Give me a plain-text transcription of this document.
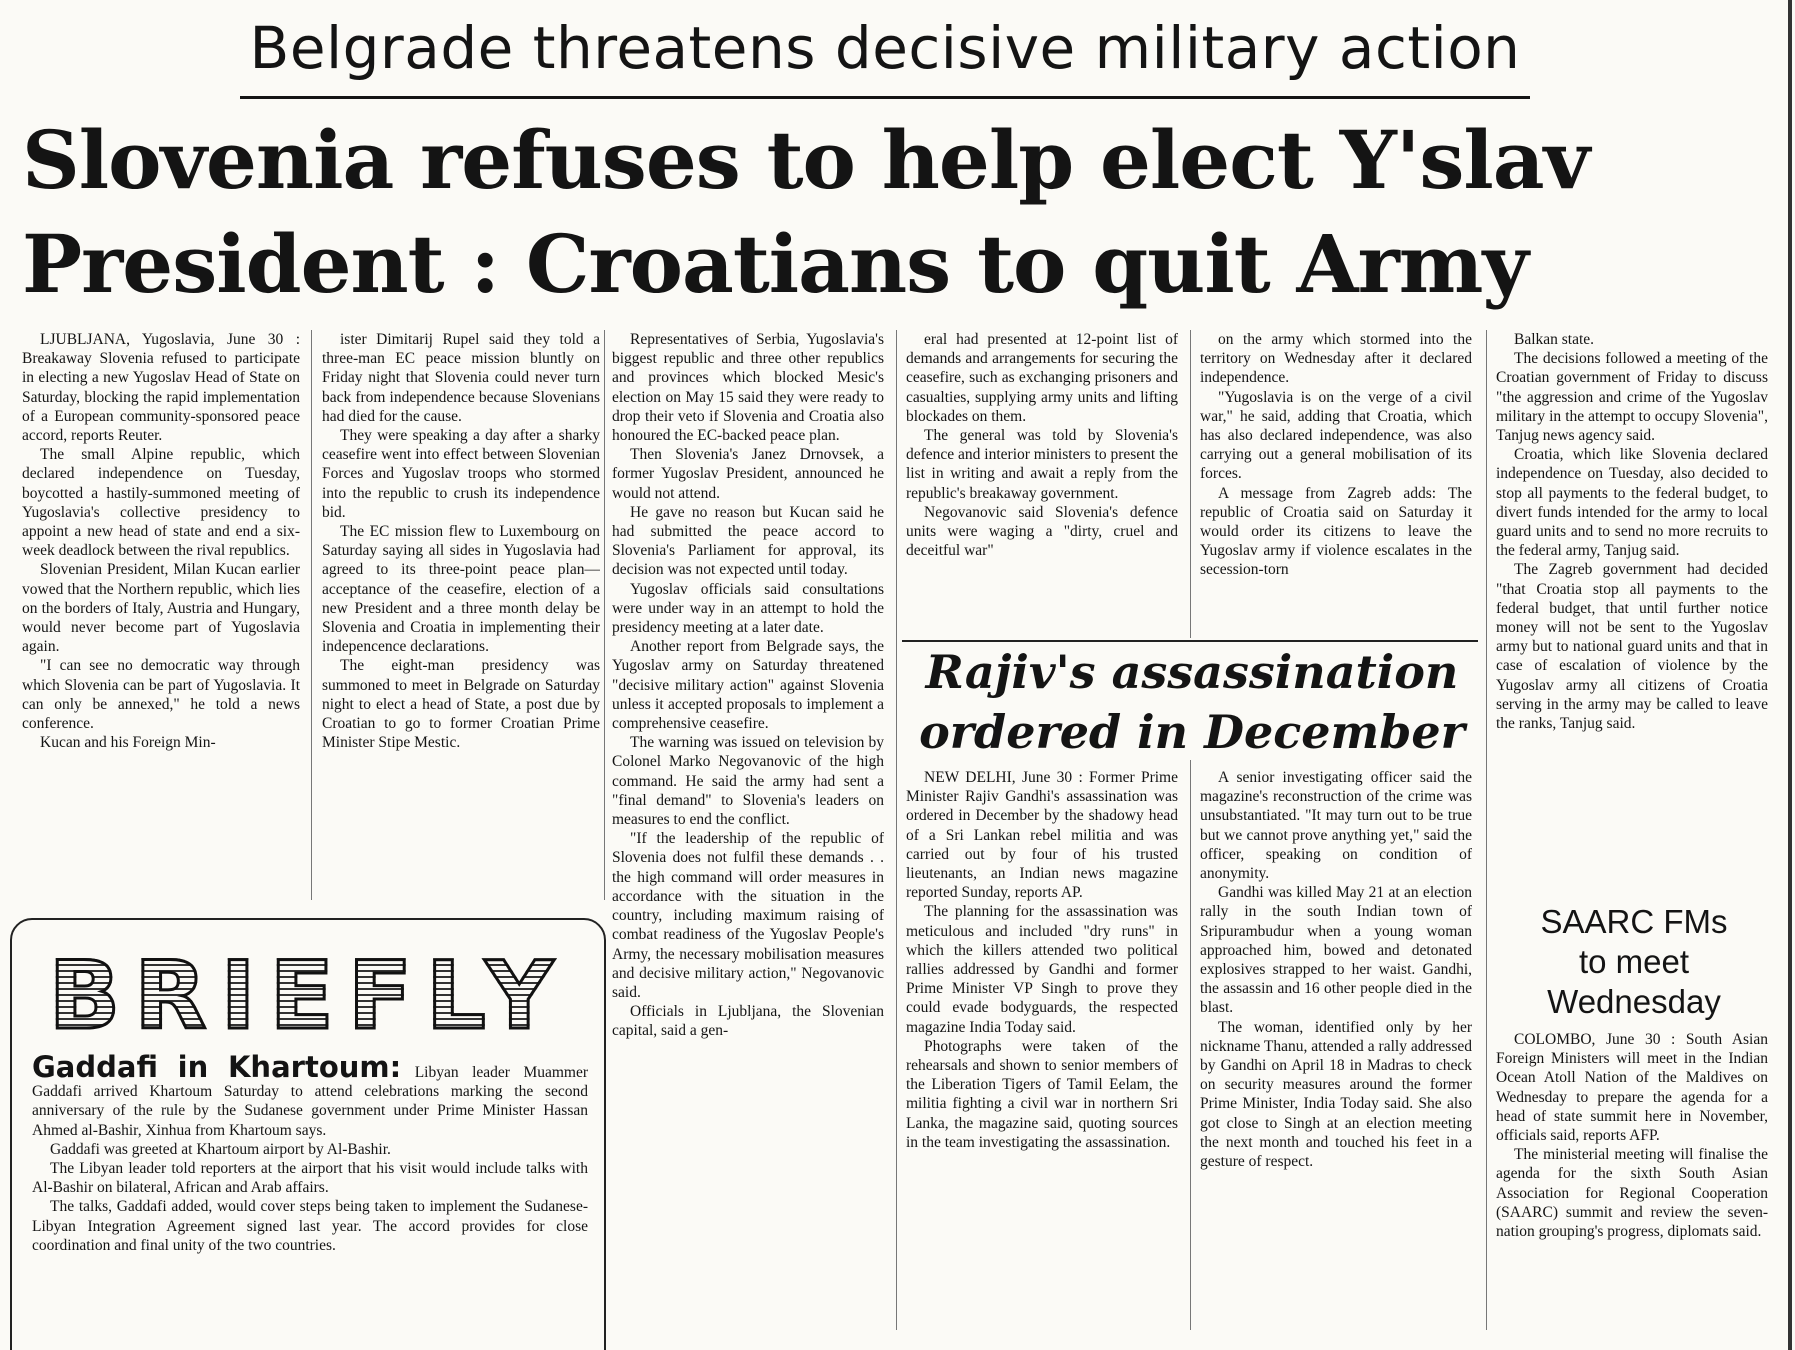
Belgrade threatens decisive military action
Slovenia refuses to help elect Y'slav
President : Croatians to quit Army

LJUBLJANA, Yugoslavia, June 30 : Breakaway Slovenia refused to participate in electing a new Yugoslav Head of State on Saturday, blocking the rapid implementation of a European community-sponsored peace accord, reports Reuter.

The small Alpine republic, which declared independence on Tuesday, boycotted a hastily-summoned meeting of Yugoslavia's collective presidency to appoint a new head of state and end a six-week deadlock between the rival republics.

Slovenian President, Milan Kucan earlier vowed that the Northern republic, which lies on the borders of Italy, Austria and Hungary, would never become part of Yugoslavia again.

"I can see no democratic way through which Slovenia can be part of Yugoslavia. It can only be annexed," he told a news conference.

Kucan and his Foreign Min-

ister Dimitarij Rupel said they told a three-man EC peace mission bluntly on Friday night that Slovenia could never turn back from independence because Slovenians had died for the cause.

They were speaking a day after a sharky ceasefire went into effect between Slovenian Forces and Yugoslav troops who stormed into the republic to crush its independence bid.

The EC mission flew to Luxembourg on Saturday saying all sides in Yugoslavia had agreed to its three-point peace plan— acceptance of the ceasefire, election of a new President and a three month delay be Slovenia and Croatia in implementing their indepencence declarations.

The eight-man presidency was summoned to meet in Belgrade on Saturday night to elect a head of State, a post due by Croatian to go to former Croatian Prime Minister Stipe Mestic.

Representatives of Serbia, Yugoslavia's biggest republic and three other republics and provinces which blocked Mesic's election on May 15 said they were ready to drop their veto if Slovenia and Croatia also honoured the EC-backed peace plan.

Then Slovenia's Janez Drnovsek, a former Yugoslav President, announced he would not attend.

He gave no reason but Kucan said he had submitted the peace accord to Slovenia's Parliament for approval, its decision was not expected until today.

Yugoslav officials said consultations were under way in an attempt to hold the presidency meeting at a later date.

Another report from Belgrade says, the Yugoslav army on Saturday threatened "decisive military action" against Slovenia unless it accepted proposals to implement a comprehensive ceasefire.

The warning was issued on television by Colonel Marko Negovanovic of the high command. He said the army had sent a "final demand" to Slovenia's leaders on measures to end the conflict.

"If the leadership of the republic of Slovenia does not fulfil these demands . . the high command will order measures in accordance with the situation in the country, including maximum raising of combat readiness of the Yugoslav People's Army, the necessary mobilisation measures and decisive military action," Negovanovic said.

Officials in Ljubljana, the Slovenian capital, said a gen-

eral had presented at 12-point list of demands and arrangements for securing the ceasefire, such as exchanging prisoners and casualties, supplying army units and lifting blockades on them.

The general was told by Slovenia's defence and interior ministers to present the list in writing and await a reply from the republic's breakaway government.

Negovanovic said Slovenia's defence units were waging a "dirty, cruel and deceitful war"

on the army which stormed into the territory on Wednesday after it declared independence.

"Yugoslavia is on the verge of a civil war," he said, adding that Croatia, which has also declared independence, was also carrying out a general mobilisation of its forces.

A message from Zagreb adds: The republic of Croatia said on Saturday it would order its citizens to leave the Yugoslav army if violence escalates in the secession-torn

Balkan state.

The decisions followed a meeting of the Croatian government of Friday to discuss "the aggression and crime of the Yugoslav military in the attempt to occupy Slovenia", Tanjug news agency said.

Croatia, which like Slovenia declared independence on Tuesday, also decided to stop all payments to the federal budget, to divert funds intended for the army to local guard units and to send no more recruits to the federal army, Tanjug said.

The Zagreb government had decided "that Croatia stop all payments to the federal budget, that until further notice money will not be sent to the Yugoslav army but to national guard units and that in case of escalation of violence by the Yugoslav army all citizens of Croatia serving in the army may be called to leave the ranks, Tanjug said.

Rajiv's assassination
ordered in December

NEW DELHI, June 30 : Former Prime Minister Rajiv Gandhi's assassination was ordered in December by the shadowy head of a Sri Lankan rebel militia and was carried out by four of his trusted lieutenants, an Indian news magazine reported Sunday, reports AP.

The planning for the assassination was meticulous and included "dry runs" in which the killers attended two political rallies addressed by Gandhi and former Prime Minister VP Singh to prove they could evade bodyguards, the respected magazine India Today said.

Photographs were taken of the rehearsals and shown to senior members of the Liberation Tigers of Tamil Eelam, the militia fighting a civil war in northern Sri Lanka, the magazine said, quoting sources in the team investigating the assassination.

A senior investigating officer said the magazine's reconstruction of the crime was unsubstantiated. "It may turn out to be true but we cannot prove anything yet," said the officer, speaking on condition of anonymity.

Gandhi was killed May 21 at an election rally in the south Indian town of Sripurambudur when a young woman approached him, bowed and detonated explosives strapped to her waist. Gandhi, the assassin and 16 other people died in the blast.

The woman, identified only by her nickname Thanu, attended a rally addressed by Gandhi on April 18 in Madras to check on security measures around the former Prime Minister, India Today said. She also got close to Singh at an election meeting the next month and touched his feet in a gesture of respect.

BRIEFLY

Gaddafi in Khartoum: Libyan leader Muammer Gaddafi arrived Khartoum Saturday to attend celebrations marking the second anniversary of the rule by the Sudanese government under Prime Minister Hassan Ahmed al-Bashir, Xinhua from Khartoum says.

Gaddafi was greeted at Khartoum airport by Al-Bashir.

The Libyan leader told reporters at the airport that his visit would include talks with Al-Bashir on bilateral, African and Arab affairs.

The talks, Gaddafi added, would cover steps being taken to implement the Sudanese-Libyan Integration Agreement signed last year. The accord provides for close coordination and final unity of the two countries.

SAARC FMs
to meet
Wednesday

COLOMBO, June 30 : South Asian Foreign Ministers will meet in the Indian Ocean Atoll Nation of the Maldives on Wednesday to prepare the agenda for a head of state summit here in November, officials said, reports AFP.

The ministerial meeting will finalise the agenda for the sixth South Asian Association for Regional Cooperation (SAARC) summit and review the seven-nation grouping's progress, diplomats said.
